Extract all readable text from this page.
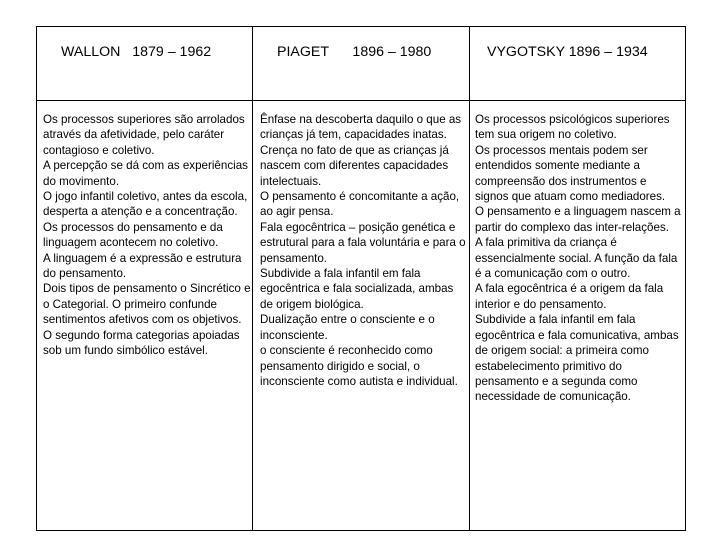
WALLON   1879 – 1962	PIAGET      1896 – 1980	VYGOTSKY 1896 – 1934

Os processos superiores são arrolados através da afetividade, pelo caráter contagioso e coletivo.

A percepção se dá com as experiências do movimento.

O jogo infantil coletivo, antes da escola, desperta a atenção e a concentração.

Os processos do pensamento e da linguagem acontecem no coletivo.

A linguagem é a expressão e estrutura do pensamento.

Dois tipos de pensamento o Sincrético e o Categorial. O primeiro confunde sentimentos afetivos com os objetivos. O segundo forma categorias apoiadas sob um fundo simbólico estável.

Ênfase na descoberta daquilo o que as crianças já tem, capacidades inatas.

Crença no fato de que as crianças já nascem com diferentes capacidades intelectuais.

O pensamento é concomitante a ação, ao agir pensa.

Fala egocêntrica – posição genética e estrutural para a fala voluntária e para o pensamento.

Subdivide a fala infantil em fala egocêntrica e fala socializada, ambas de origem biológica.

Dualização entre o consciente e o inconsciente.

o consciente é reconhecido como pensamento dirigido e social, o inconsciente como autista e individual.

Os processos psicológicos superiores tem sua origem no coletivo.

Os processos mentais podem ser entendidos somente mediante a compreensão dos instrumentos e signos que atuam como mediadores.

O pensamento e a linguagem nascem a partir do complexo das inter-relações.

A fala primitiva da criança é essencialmente social. A função da fala é a comunicação com o outro.

A fala egocêntrica é a origem da fala interior e do pensamento.

Subdivide a fala infantil em fala egocêntrica e fala comunicativa, ambas de origem social: a primeira como estabelecimento primitivo do pensamento e a segunda como necessidade de comunicação.
